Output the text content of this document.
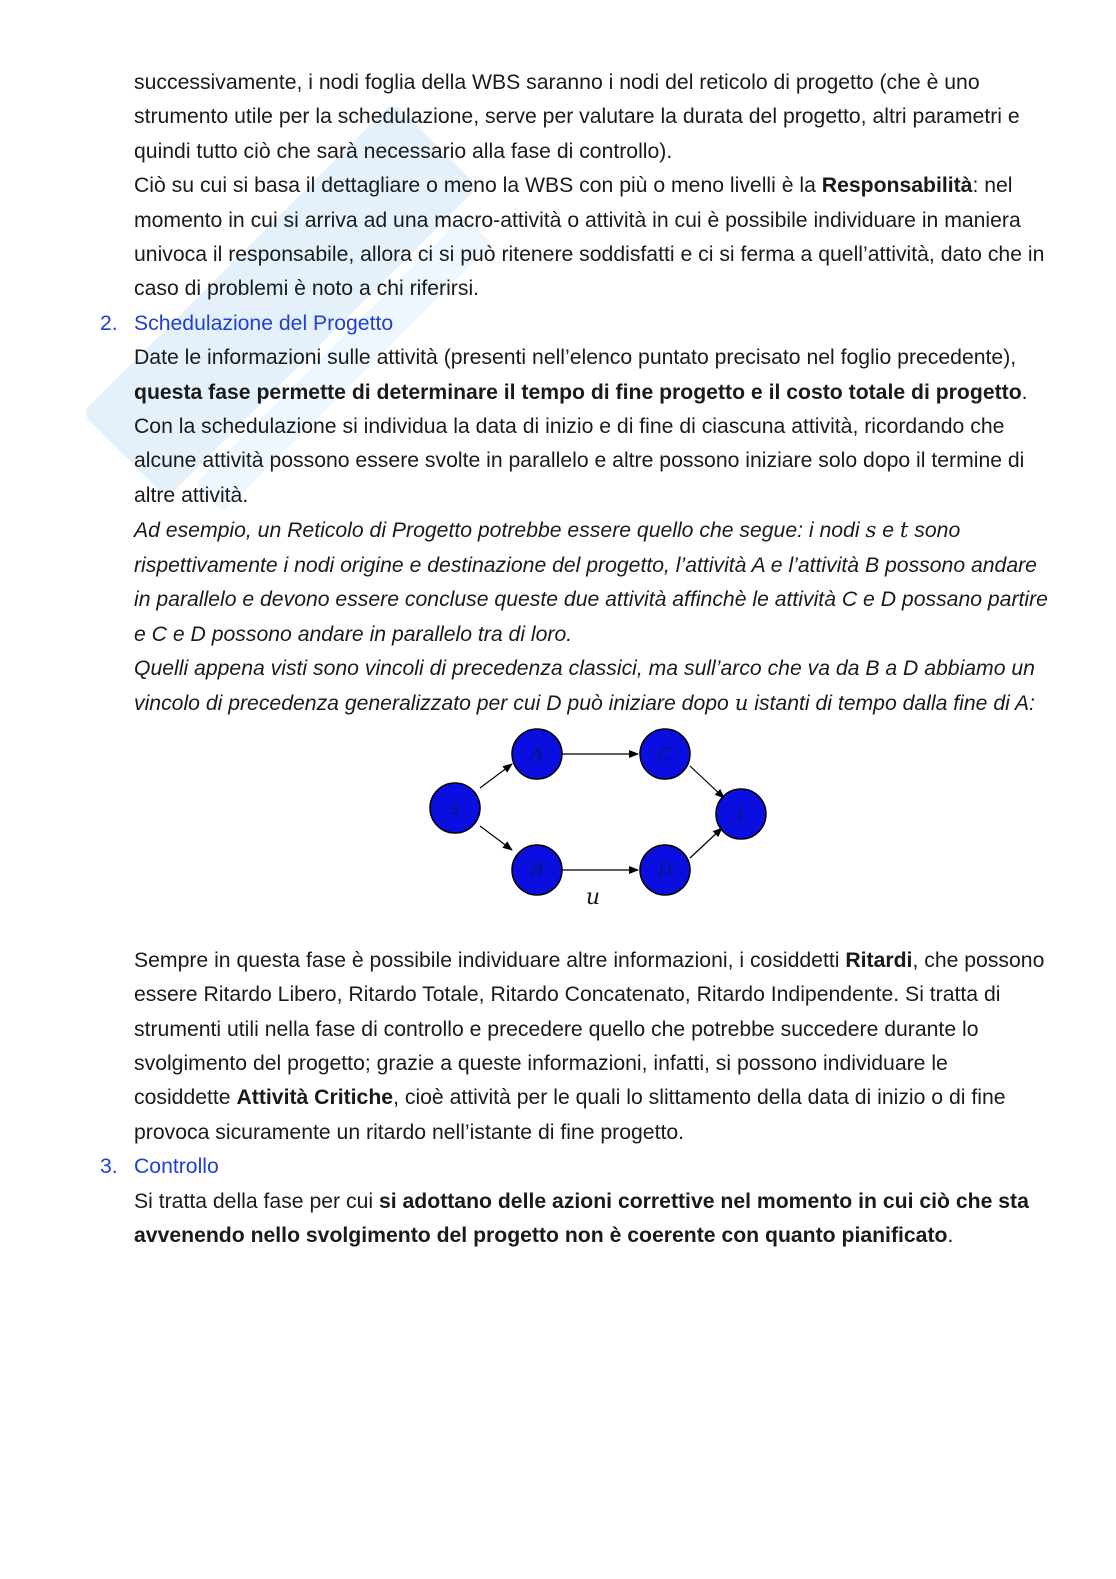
successivamente, i nodi foglia della WBS saranno i nodi del reticolo di progetto (che è uno strumento utile per la schedulazione, serve per valutare la durata del progetto, altri parametri e quindi tutto ciò che sarà necessario alla fase di controllo).

Ciò su cui si basa il dettagliare o meno la WBS con più o meno livelli è la Responsabilità: nel momento in cui si arriva ad una macro-attività o attività in cui è possibile individuare in maniera univoca il responsabile, allora ci si può ritenere soddisfatti e ci si ferma a quell’attività, dato che in caso di problemi è noto a chi riferirsi.

2. Schedulazione del Progetto

Date le informazioni sulle attività (presenti nell’elenco puntato precisato nel foglio precedente), questa fase permette di determinare il tempo di fine progetto e il costo totale di progetto.

Con la schedulazione si individua la data di inizio e di fine di ciascuna attività, ricordando che alcune attività possono essere svolte in parallelo e altre possono iniziare solo dopo il termine di altre attività.

Ad esempio, un Reticolo di Progetto potrebbe essere quello che segue: i nodi s e t sono rispettivamente i nodi origine e destinazione del progetto, l’attività A e l’attività B possono andare in parallelo e devono essere concluse queste due attività affinchè le attività C e D possano partire e C e D possono andare in parallelo tra di loro.

Quelli appena visti sono vincoli di precedenza classici, ma sull’arco che va da B a D abbiamo un vincolo di precedenza generalizzato per cui D può iniziare dopo u istanti di tempo dalla fine di A:

s
A
B
C
D
t
u

Sempre in questa fase è possibile individuare altre informazioni, i cosiddetti Ritardi, che possono essere Ritardo Libero, Ritardo Totale, Ritardo Concatenato, Ritardo Indipendente. Si tratta di strumenti utili nella fase di controllo e precedere quello che potrebbe succedere durante lo svolgimento del progetto; grazie a queste informazioni, infatti, si possono individuare le cosiddette Attività Critiche, cioè attività per le quali lo slittamento della data di inizio o di fine provoca sicuramente un ritardo nell’istante di fine progetto.

3. Controllo

Si tratta della fase per cui si adottano delle azioni correttive nel momento in cui ciò che sta avvenendo nello svolgimento del progetto non è coerente con quanto pianificato.
